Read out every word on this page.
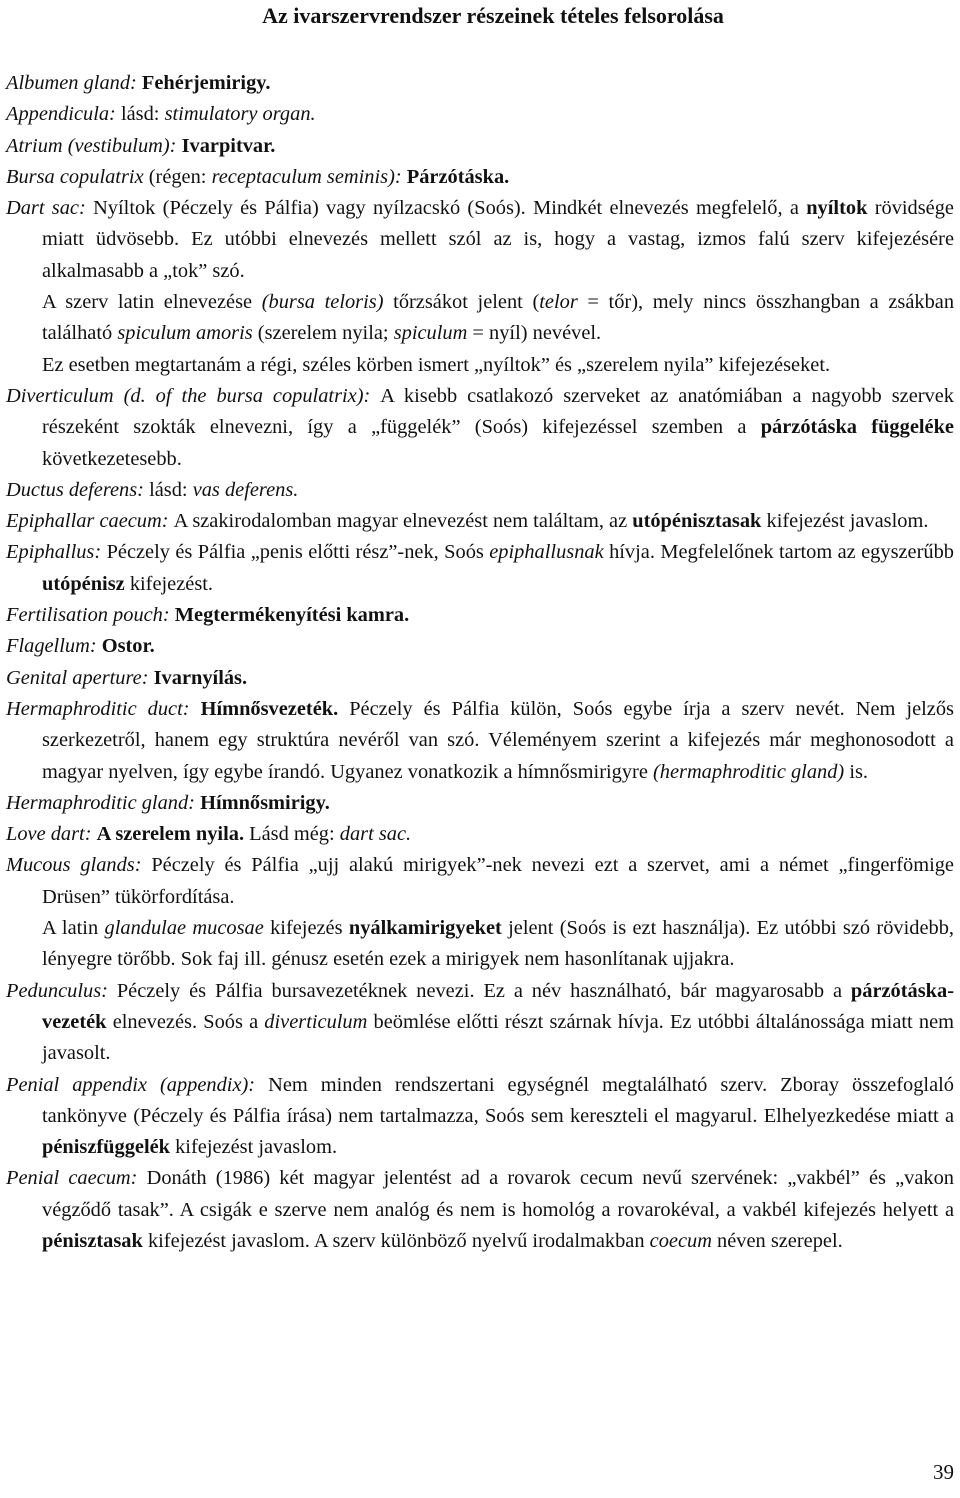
Az ivarszervrendszer részeinek tételes felsorolása

Albumen gland: Fehérjemirigy.

Appendicula: lásd: stimulatory organ.

Atrium (vestibulum): Ivarpitvar.

Bursa copulatrix (régen: receptaculum seminis): Párzótáska.

Dart sac: Nyíltok (Péczely és Pálfia) vagy nyílzacskó (Soós). Mindkét elnevezés megfelelő, a nyíltok rövidsége miatt üdvösebb. Ez utóbbi elnevezés mellett szól az is, hogy a vastag, izmos falú szerv kifejezésére alkalmasabb a „tok” szó.

A szerv latin elnevezése (bursa teloris) tőrzsákot jelent (telor = tőr), mely nincs összhangban a zsákban található spiculum amoris (szerelem nyila; spiculum = nyíl) nevével.

Ez esetben megtartanám a régi, széles körben ismert „nyíltok” és „szerelem nyila” kifejezéseket.

Diverticulum (d. of the bursa copulatrix): A kisebb csatlakozó szerveket az anatómiában a nagyobb szervek részeként szokták elnevezni, így a „függelék” (Soós) kifejezéssel szemben a párzótáska függeléke következetesebb.

Ductus deferens: lásd: vas deferens.

Epiphallar caecum: A szakirodalomban magyar elnevezést nem találtam, az utópénisztasak kifejezést javaslom.

Epiphallus: Péczely és Pálfia „penis előtti rész”-nek, Soós epiphallusnak hívja. Megfelelőnek tartom az egyszerűbb utópénisz kifejezést.

Fertilisation pouch: Megtermékenyítési kamra.

Flagellum: Ostor.

Genital aperture: Ivarnyílás.

Hermaphroditic duct: Hímnősvezeték. Péczely és Pálfia külön, Soós egybe írja a szerv nevét. Nem jelzős szerkezetről, hanem egy struktúra nevéről van szó. Véleményem szerint a kifejezés már meghonosodott a magyar nyelven, így egybe írandó. Ugyanez vonatkozik a hímnősmirigyre (hermaphroditic gland) is.

Hermaphroditic gland: Hímnősmirigy.

Love dart: A szerelem nyila. Lásd még: dart sac.

Mucous glands: Péczely és Pálfia „ujj alakú mirigyek”-nek nevezi ezt a szervet, ami a német „fingerfömige Drüsen” tükörfordítása.

A latin glandulae mucosae kifejezés nyálkamirigyeket jelent (Soós is ezt használja). Ez utóbbi szó rövidebb, lényegre törőbb. Sok faj ill. génusz esetén ezek a mirigyek nem hasonlítanak ujjakra.

Pedunculus: Péczely és Pálfia bursavezetéknek nevezi. Ez a név használható, bár magyarosabb a párzótáska-vezeték elnevezés. Soós a diverticulum beömlése előtti részt szárnak hívja. Ez utóbbi általánossága miatt nem javasolt.

Penial appendix (appendix): Nem minden rendszertani egységnél megtalálható szerv. Zboray összefoglaló tankönyve (Péczely és Pálfia írása) nem tartalmazza, Soós sem kereszteli el magyarul. Elhelyezkedése miatt a péniszfüggelék kifejezést javaslom.

Penial caecum: Donáth (1986) két magyar jelentést ad a rovarok cecum nevű szervének: „vakbél” és „vakon végződő tasak”. A csigák e szerve nem analóg és nem is homológ a rovarokéval, a vakbél kifejezés helyett a pénisztasak kifejezést javaslom. A szerv különböző nyelvű irodalmakban coecum néven szerepel.

39
